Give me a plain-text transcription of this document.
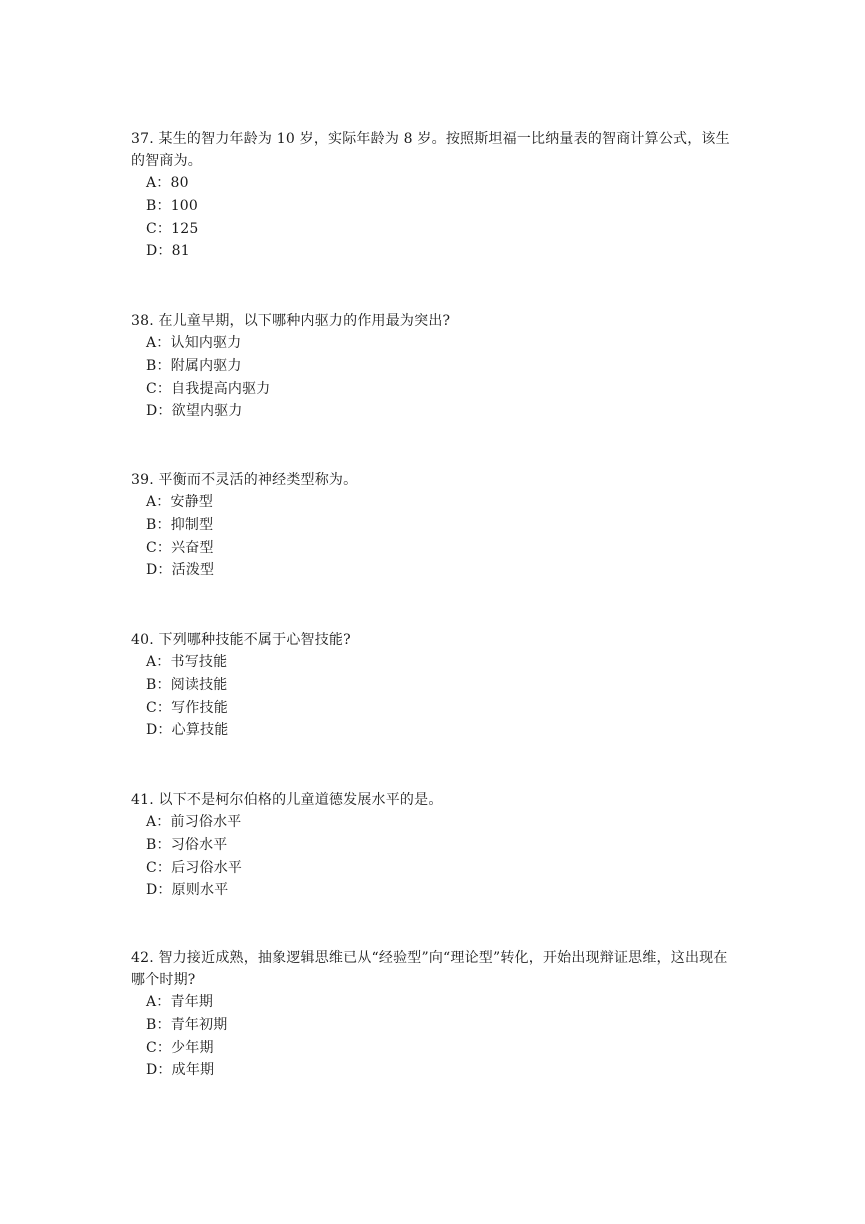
37. 某生的智力年龄为 10 岁，实际年龄为 8 岁。按照斯坦福一比纳量表的智商计算公式，该生的智商为。

A：80
B：100
C：125
D：81

38. 在儿童早期，以下哪种内驱力的作用最为突出?

A：认知内驱力
B：附属内驱力
C：自我提高内驱力
D：欲望内驱力

39. 平衡而不灵活的神经类型称为。

A：安静型
B：抑制型
C：兴奋型
D：活泼型

40. 下列哪种技能不属于心智技能?

A：书写技能
B：阅读技能
C：写作技能
D：心算技能

41. 以下不是柯尔伯格的儿童道德发展水平的是。

A：前习俗水平
B：习俗水平
C：后习俗水平
D：原则水平

42. 智力接近成熟，抽象逻辑思维已从“经验型”向“理论型”转化，开始出现辩证思维，这出现在哪个时期?

A：青年期
B：青年初期
C：少年期
D：成年期
